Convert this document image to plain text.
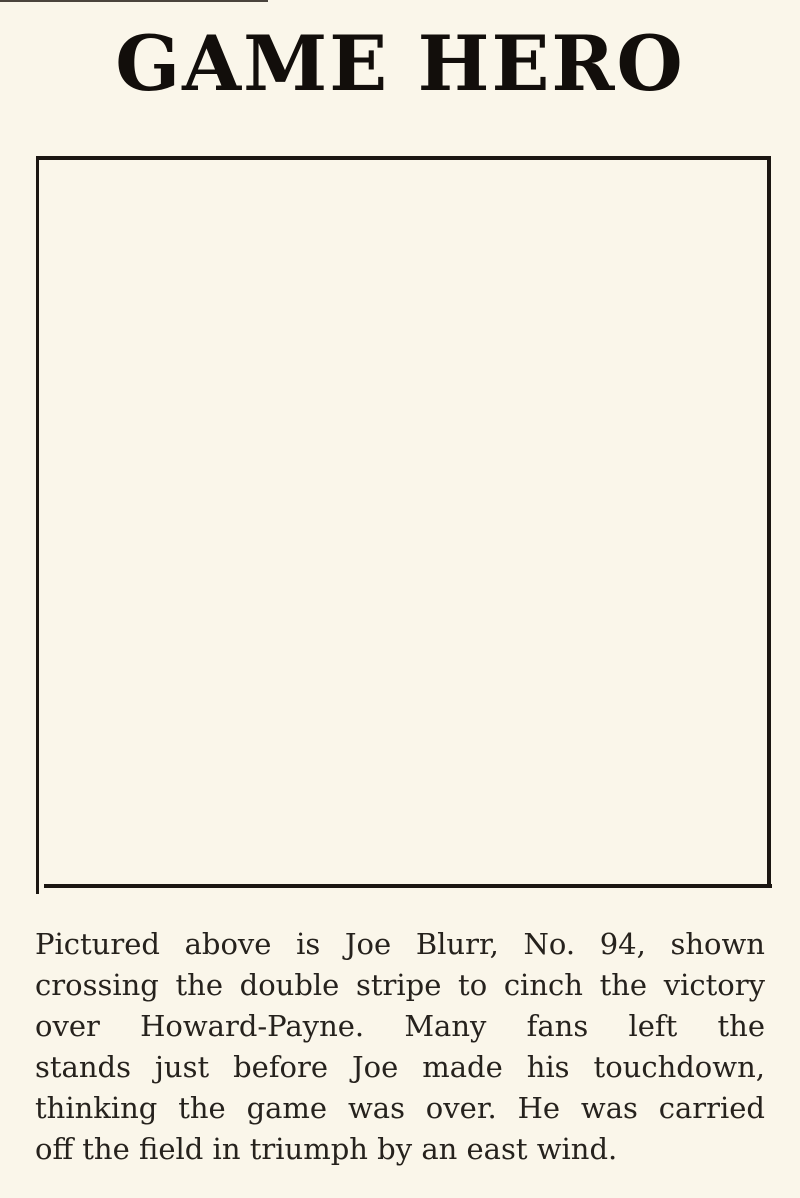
GAME HERO

Pictured above is Joe Blurr, No. 94, shown
crossing the double stripe to cinch the victory
over Howard-Payne. Many fans left the
stands just before Joe made his touchdown,
thinking the game was over. He was carried
off the field in triumph by an east wind.
